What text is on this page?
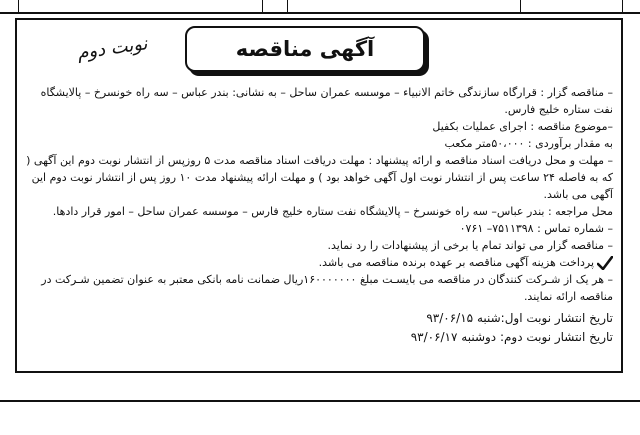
آگهی مناقصه
نوبت دوم

– مناقصه گزار : قرارگاه سازندگی خاتم الانبیاء – موسسه عمران ساحل – به نشانی: بندر عباس – سه راه خونسرخ – پالایشگاه نفت ستاره خلیج فارس.

–موضوع مناقصه : اجرای عملیات بکفیل

به مقدار برآوردی : ۵۰،۰۰۰متر مکعب

– مهلت و محل دریافت اسناد مناقصه و ارائه پیشنهاد : مهلت دریافت اسناد مناقصه مدت ۵ روزپس از انتشار نوبت دوم این آگهی ( که به فاصله ۲۴ ساعت پس از انتشار نوبت اول آگهی خواهد بود ) و مهلت ارائه پیشنهاد مدت ۱۰ روز پس از انتشار نوبت دوم این آگهی می باشد.

محل مراجعه : بندر عباس– سه راه خونسرخ – پالایشگاه نفت ستاره خلیج فارس – موسسه عمران ساحل – امور قرار دادها.

– شماره تماس : ۷۵۱۱۳۹۸– ۰۷۶۱

– مناقصه گزار می تواند تمام یا برخی از پیشنهادات را رد نماید.

پرداخت هزینه آگهی مناقصه بر عهده برنده مناقصه می باشد.

– هر یک از شـرکت کنندگان در مناقصه می بایسـت مبلغ ۱۶۰۰۰۰۰۰۰ریال ضمانت نامه بانکی معتبر به عنوان تضمین شـرکت در مناقصه ارائه نمایند.

تاریخ انتشار نوبت اول:شنبه ۹۳/۰۶/۱۵

تاریخ انتشار نوبت دوم: دوشنبه ۹۳/۰۶/۱۷
